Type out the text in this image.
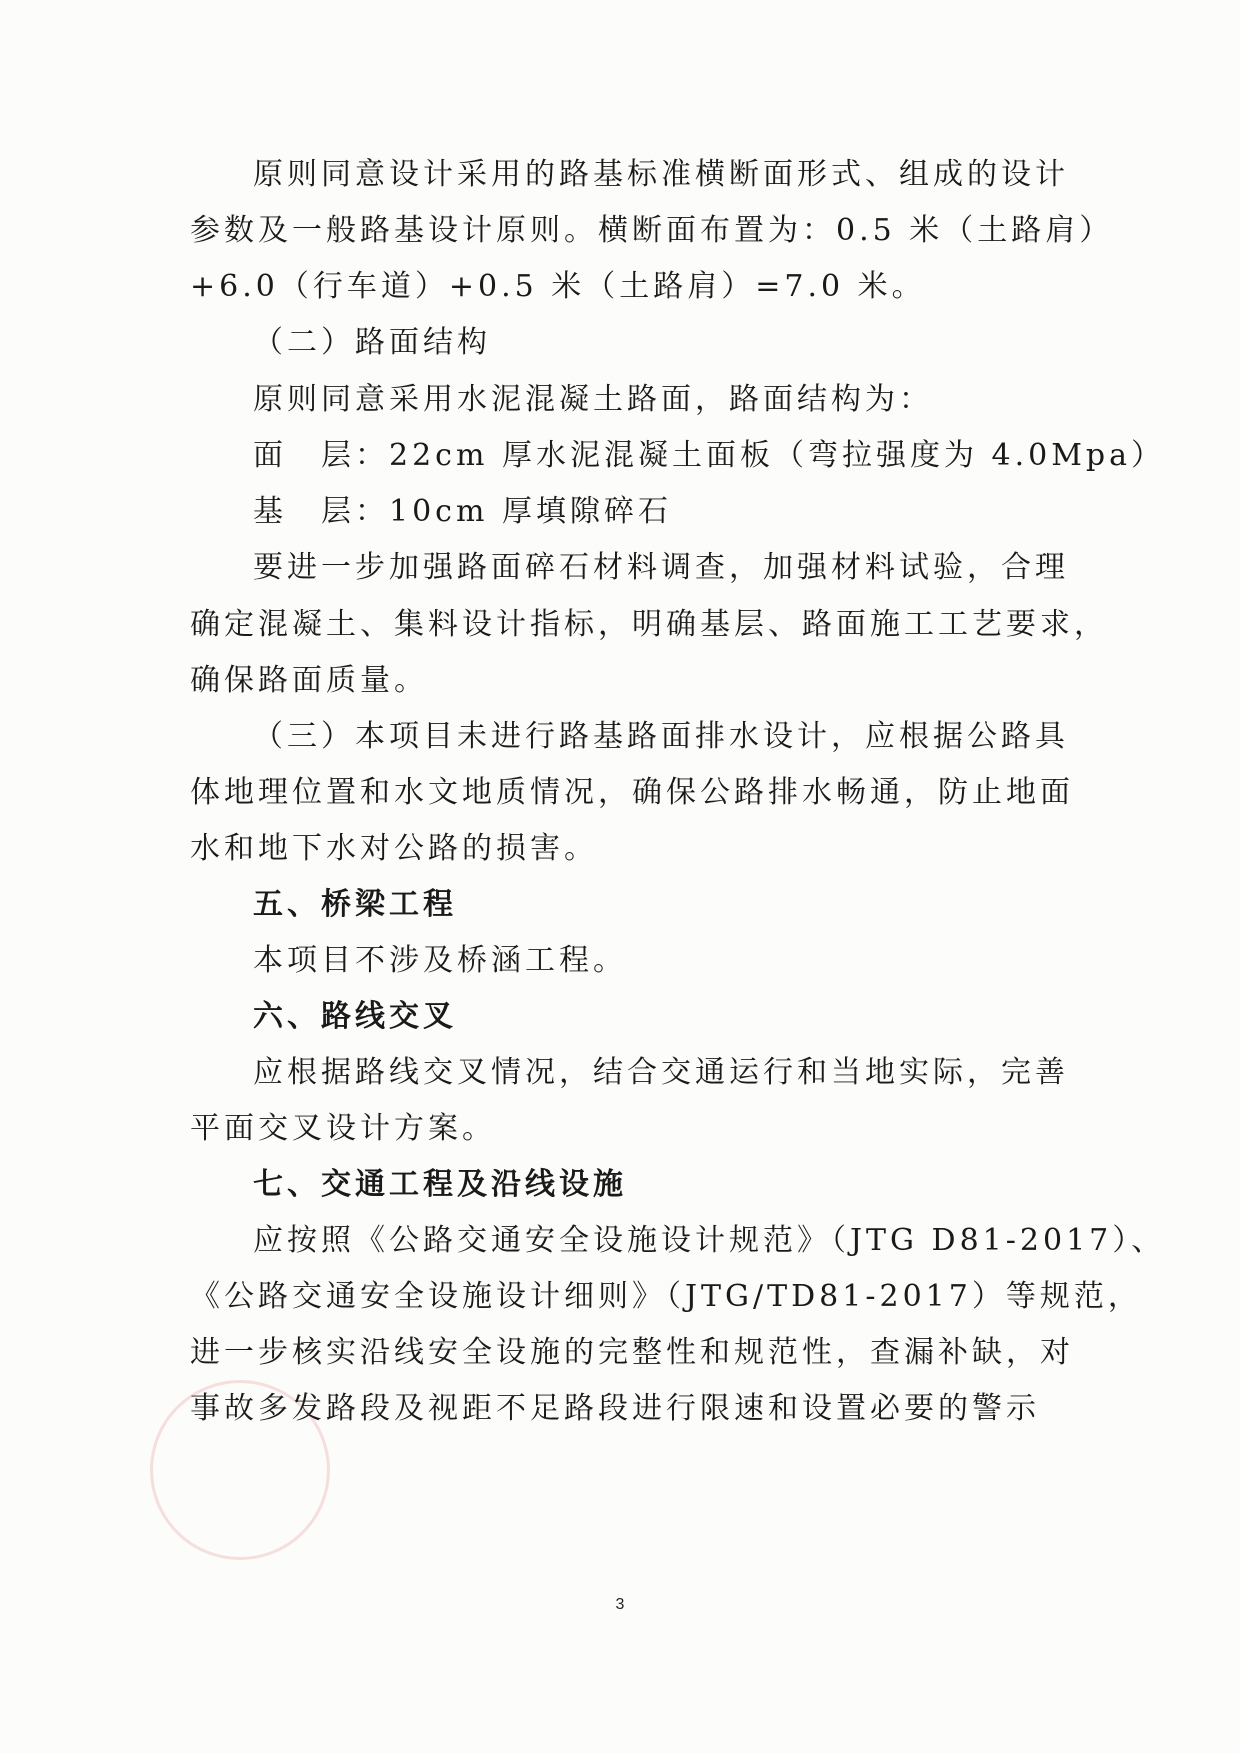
原则同意设计采用的路基标准横断面形式、组成的设计
参数及一般路基设计原则。横断面布置为：0.5 米（土路肩）
+6.0（行车道）+0.5 米（土路肩）=7.0 米。
（二）路面结构
原则同意采用水泥混凝土路面，路面结构为：
面　层：22cm 厚水泥混凝土面板（弯拉强度为 4.0Mpa）
基　层：10cm 厚填隙碎石
要进一步加强路面碎石材料调查，加强材料试验，合理
确定混凝土、集料设计指标，明确基层、路面施工工艺要求，
确保路面质量。
（三）本项目未进行路基路面排水设计，应根据公路具
体地理位置和水文地质情况，确保公路排水畅通，防止地面
水和地下水对公路的损害。
五、桥梁工程
本项目不涉及桥涵工程。
六、路线交叉
应根据路线交叉情况，结合交通运行和当地实际，完善
平面交叉设计方案。
七、交通工程及沿线设施
应按照《公路交通安全设施设计规范》（JTG D81-2017）、
《公路交通安全设施设计细则》（JTG/TD81-2017）等规范，
进一步核实沿线安全设施的完整性和规范性，查漏补缺，对
事故多发路段及视距不足路段进行限速和设置必要的警示
3
